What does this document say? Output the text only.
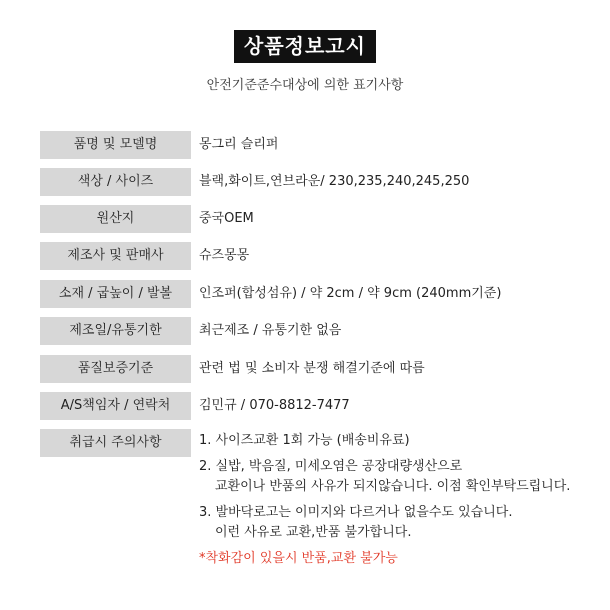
상품정보고시
안전기준준수대상에 의한 표기사항
품명 및 모델명	몽그리 슬리퍼
색상 / 사이즈	블랙,화이트,연브라운/ 230,235,240,245,250
원산지	중국OEM
제조사 및 판매사	슈즈몽몽
소재 / 굽높이 / 발볼	인조퍼(합성섬유) / 약 2cm / 약 9cm (240mm기준)
제조일/유통기한	최근제조 / 유통기한 없음
품질보증기준	관련 법 및 소비자 분쟁 해결기준에 따름
A/S책임자 / 연락처	김민규 / 070-8812-7477
취급시 주의사항	1. 사이즈교환 1회 가능 (배송비유료)
2. 실밥, 박음질, 미세오염은 공장대량생산으로
교환이나 반품의 사유가 되지않습니다. 이점 확인부탁드립니다.
3. 발바닥로고는 이미지와 다르거나 없을수도 있습니다.
이런 사유로 교환,반품 불가합니다.
*착화감이 있을시 반품,교환 불가능
